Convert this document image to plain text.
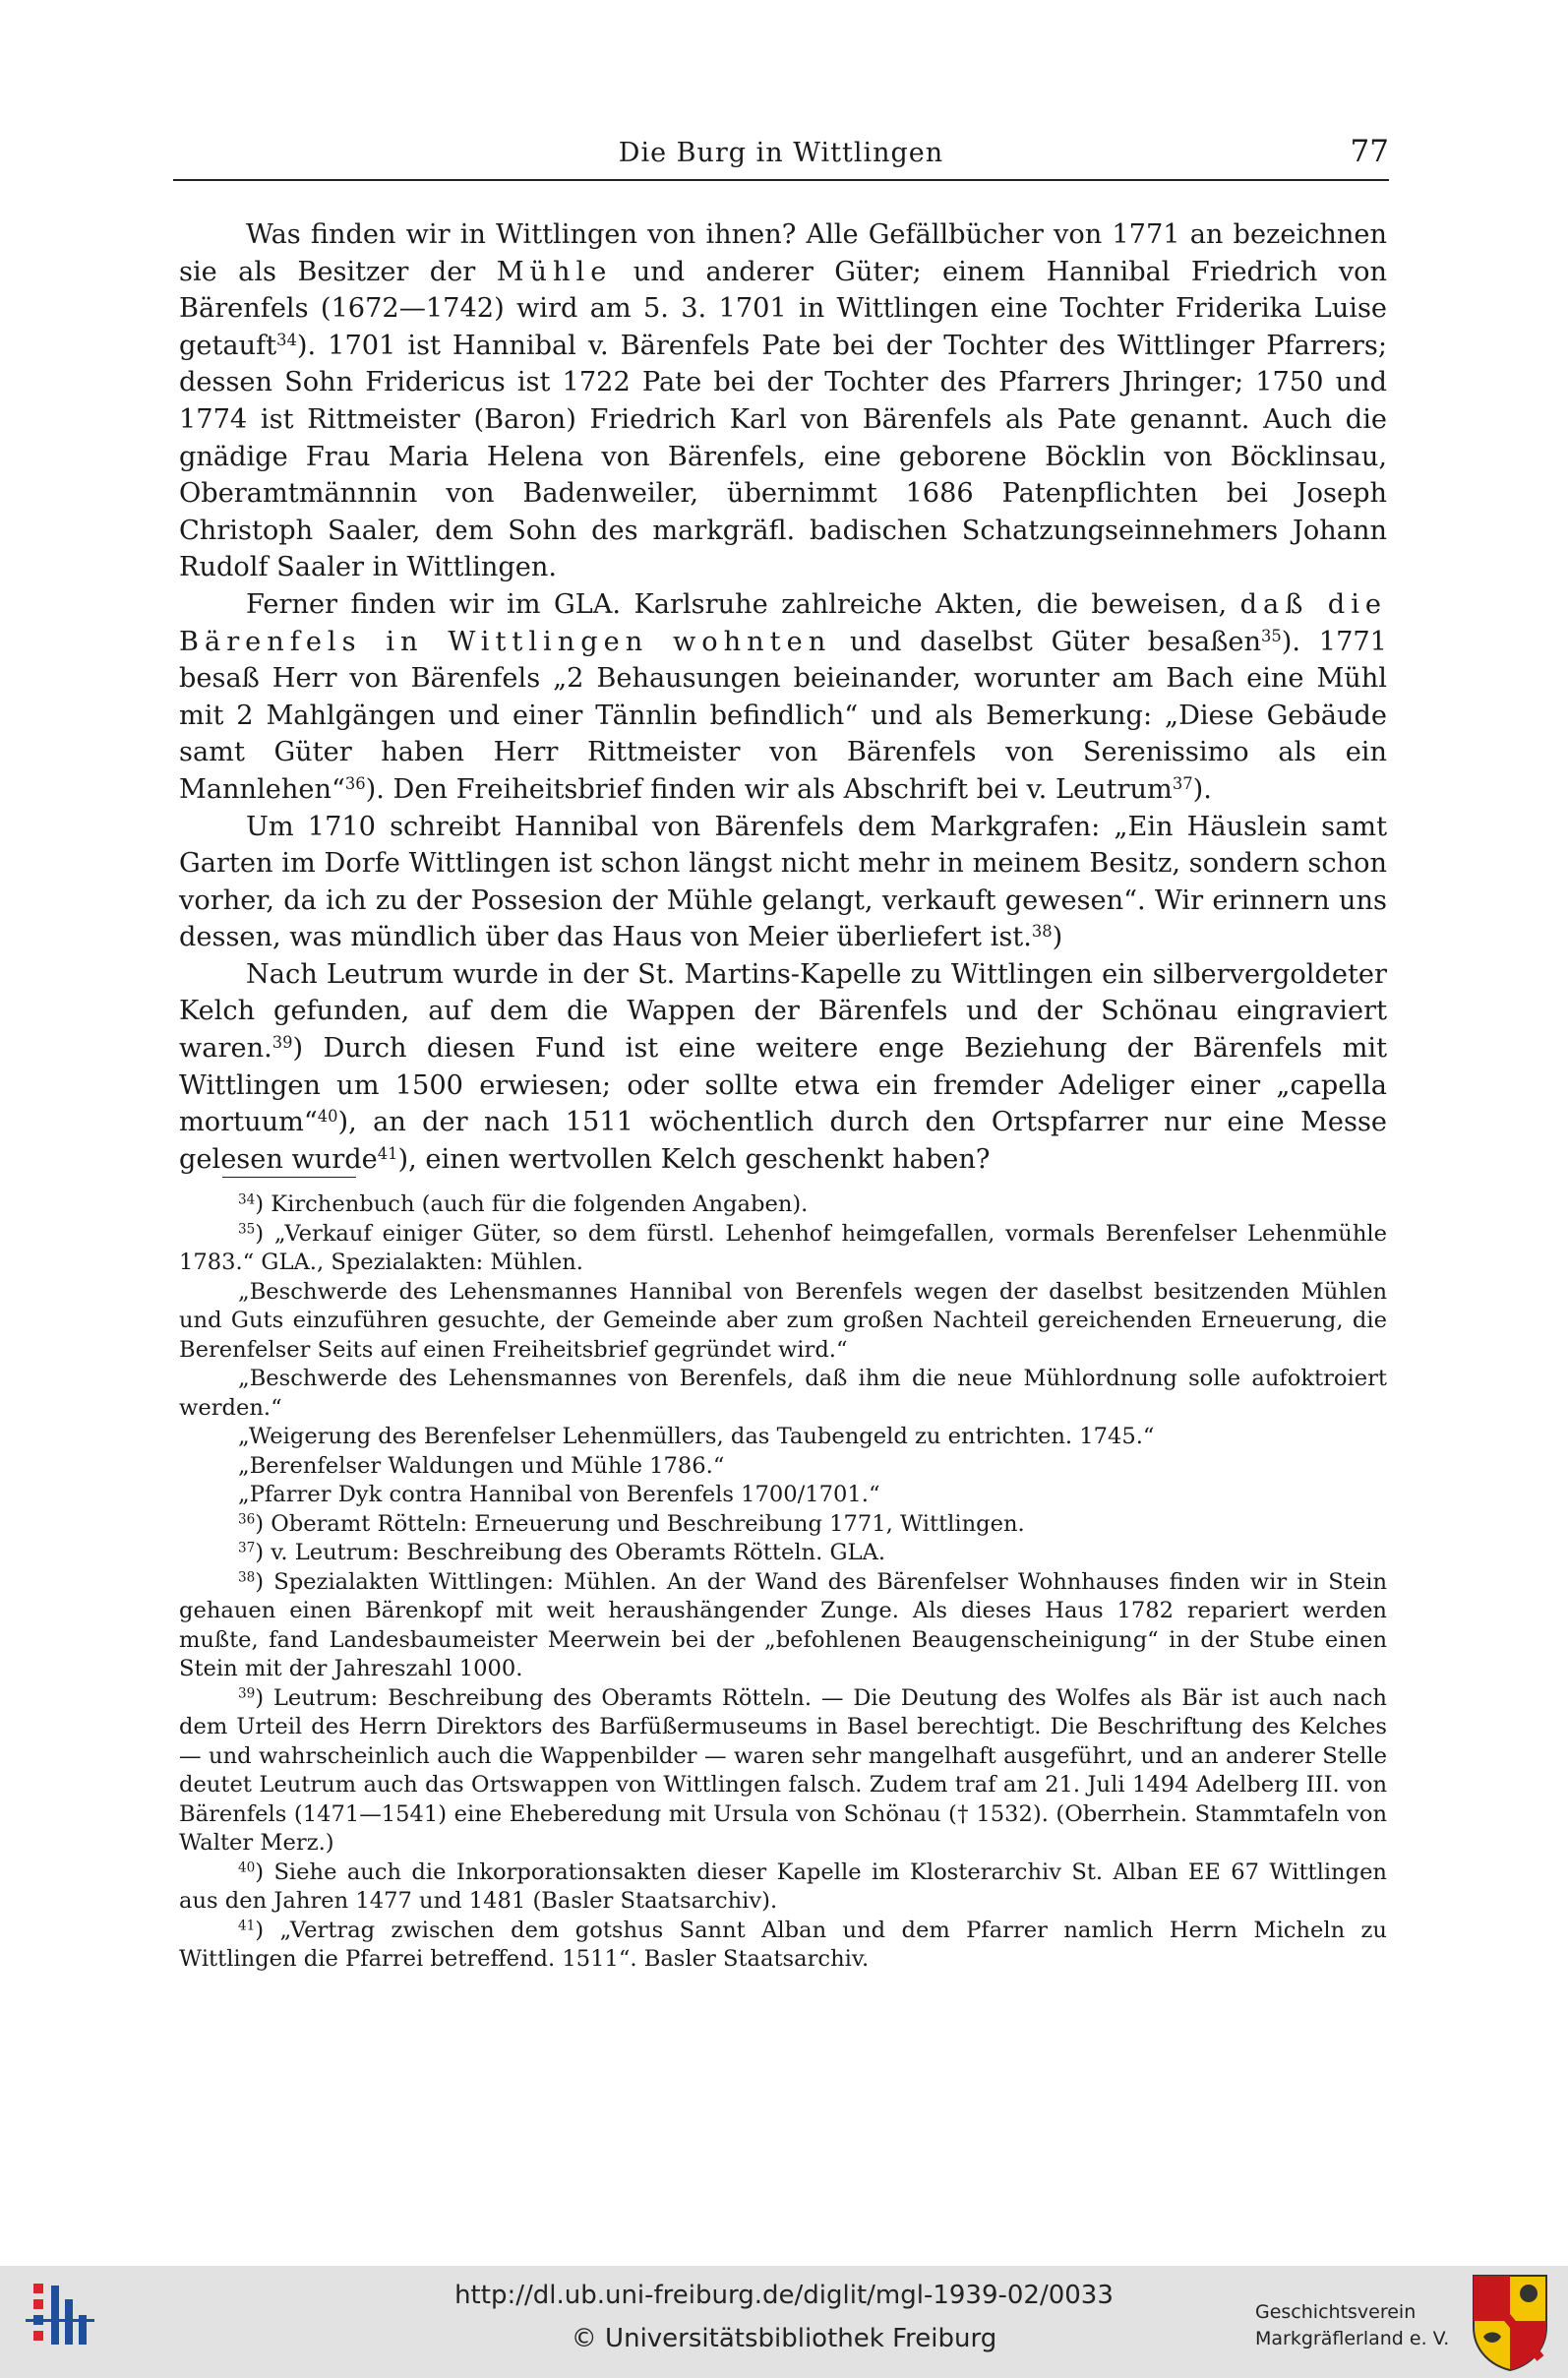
Die Burg in Wittlingen	77

Was finden wir in Wittlingen von ihnen? Alle Gefällbücher von 1771 an bezeichnen sie als Besitzer der Mühle und anderer Güter; einem Hannibal Friedrich von Bärenfels (1672—1742) wird am 5. 3. 1701 in Wittlingen eine Tochter Friderika Luise getauft$^{34}$). 1701 ist Hannibal v. Bärenfels Pate bei der Tochter des Wittlinger Pfarrers; dessen Sohn Fridericus ist 1722 Pate bei der Tochter des Pfarrers Jhringer; 1750 und 1774 ist Rittmeister (Baron) Friedrich Karl von Bärenfels als Pate genannt. Auch die gnädige Frau Maria Helena von Bärenfels, eine geborene Böcklin von Böcklinsau, Oberamtmännnin von Badenweiler, übernimmt 1686 Patenpflichten bei Joseph Christoph Saaler, dem Sohn des markgräfl. badischen Schatzungseinnehmers Johann Rudolf Saaler in Wittlingen.

Ferner finden wir im GLA. Karlsruhe zahlreiche Akten, die beweisen, daß die Bärenfels in Wittlingen wohnten und daselbst Güter besaßen$^{35}$). 1771 besaß Herr von Bärenfels „2 Behausungen beieinander, worunter am Bach eine Mühl mit 2 Mahlgängen und einer Tännlin befindlich“ und als Bemerkung: „Diese Gebäude samt Güter haben Herr Rittmeister von Bärenfels von Serenissimo als ein Mannlehen“$^{36}$). Den Freiheitsbrief finden wir als Abschrift bei v. Leutrum$^{37}$).

Um 1710 schreibt Hannibal von Bärenfels dem Markgrafen: „Ein Häuslein samt Garten im Dorfe Wittlingen ist schon längst nicht mehr in meinem Besitz, sondern schon vorher, da ich zu der Possesion der Mühle gelangt, verkauft gewesen“. Wir erinnern uns dessen, was mündlich über das Haus von Meier überliefert ist.$^{38}$)

Nach Leutrum wurde in der St. Martins-Kapelle zu Wittlingen ein silbervergoldeter Kelch gefunden, auf dem die Wappen der Bärenfels und der Schönau eingraviert waren.$^{39}$) Durch diesen Fund ist eine weitere enge Beziehung der Bärenfels mit Wittlingen um 1500 erwiesen; oder sollte etwa ein fremder Adeliger einer „capella mortuum“$^{40}$), an der nach 1511 wöchentlich durch den Ortspfarrer nur eine Messe gelesen wurde$^{41}$), einen wertvollen Kelch geschenkt haben?

$^{34}$) Kirchenbuch (auch für die folgenden Angaben).

$^{35}$) „Verkauf einiger Güter, so dem fürstl. Lehenhof heimgefallen, vormals Berenfelser Lehenmühle 1783.“ GLA., Spezialakten: Mühlen.

„Beschwerde des Lehensmannes Hannibal von Berenfels wegen der daselbst besitzenden Mühlen und Guts einzuführen gesuchte, der Gemeinde aber zum großen Nachteil gereichenden Erneuerung, die Berenfelser Seits auf einen Freiheitsbrief gegründet wird.“

„Beschwerde des Lehensmannes von Berenfels, daß ihm die neue Mühlordnung solle aufoktroiert werden.“

„Weigerung des Berenfelser Lehenmüllers, das Taubengeld zu entrichten. 1745.“

„Berenfelser Waldungen und Mühle 1786.“

„Pfarrer Dyk contra Hannibal von Berenfels 1700/1701.“

$^{36}$) Oberamt Rötteln: Erneuerung und Beschreibung 1771, Wittlingen.

$^{37}$) v. Leutrum: Beschreibung des Oberamts Rötteln. GLA.

$^{38}$) Spezialakten Wittlingen: Mühlen. An der Wand des Bärenfelser Wohnhauses finden wir in Stein gehauen einen Bärenkopf mit weit heraushängender Zunge. Als dieses Haus 1782 repariert werden mußte, fand Landesbaumeister Meerwein bei der „befohlenen Beaugenscheinigung“ in der Stube einen Stein mit der Jahreszahl 1000.

$^{39}$) Leutrum: Beschreibung des Oberamts Rötteln. — Die Deutung des Wolfes als Bär ist auch nach dem Urteil des Herrn Direktors des Barfüßermuseums in Basel berechtigt. Die Beschriftung des Kelches — und wahrscheinlich auch die Wappenbilder — waren sehr mangelhaft ausgeführt, und an anderer Stelle deutet Leutrum auch das Ortswappen von Wittlingen falsch. Zudem traf am 21. Juli 1494 Adelberg III. von Bärenfels (1471—1541) eine Eheberedung mit Ursula von Schönau († 1532). (Oberrhein. Stammtafeln von Walter Merz.)

$^{40}$) Siehe auch die Inkorporationsakten dieser Kapelle im Klosterarchiv St. Alban EE 67 Wittlingen aus den Jahren 1477 und 1481 (Basler Staatsarchiv).

$^{41}$) „Vertrag zwischen dem gotshus Sannt Alban und dem Pfarrer namlich Herrn Micheln zu Wittlingen die Pfarrei betreffend. 1511“. Basler Staatsarchiv.

http://dl.ub.uni-freiburg.de/diglit/mgl-1939-02/0033
© Universitätsbibliothek Freiburg
Geschichtsverein
Markgräflerland e. V.
